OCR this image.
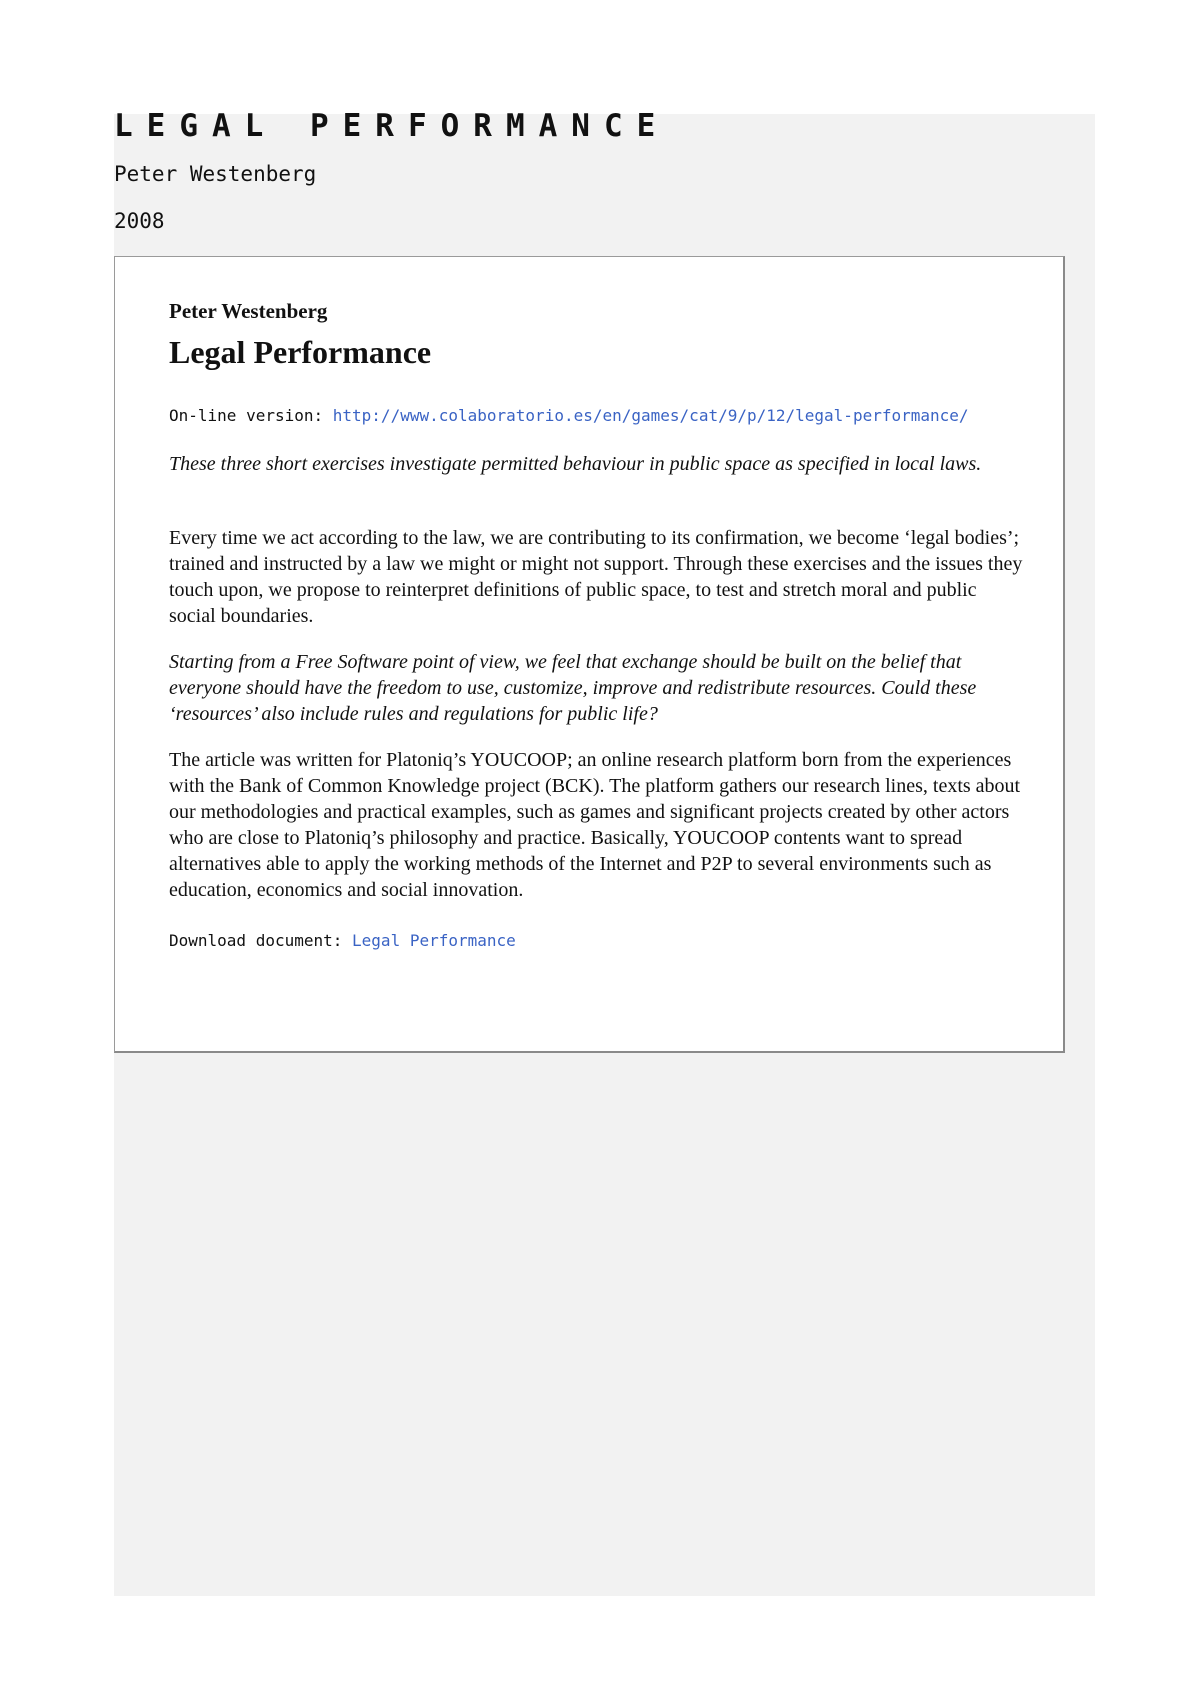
LEGAL PERFORMANCE
Peter Westenberg
2008
Peter Westenberg
Legal Performance
On-line version: http://www.colaboratorio.es/en/games/cat/9/p/12/legal-performance/

These three short exercises investigate permitted behaviour in public space as specified in local laws.

Every time we act according to the law, we are contributing to its confirmation, we become ‘legal bodies’; trained and instructed by a law we might or might not support. Through these exercises and the issues they touch upon, we propose to reinterpret definitions of public space, to test and stretch moral and public social boundaries.

Starting from a Free Software point of view, we feel that exchange should be built on the belief that everyone should have the freedom to use, customize, improve and redistribute resources. Could these ‘resources’ also include rules and regulations for public life?

The article was written for Platoniq’s YOUCOOP; an online research platform born from the experiences with the Bank of Common Knowledge project (BCK). The platform gathers our research lines, texts about our methodologies and practical examples, such as games and significant projects created by other actors who are close to Platoniq’s philosophy and practice. Basically, YOUCOOP contents want to spread alternatives able to apply the working methods of the Internet and P2P to several environments such as education, economics and social innovation.

Download document: Legal Performance
